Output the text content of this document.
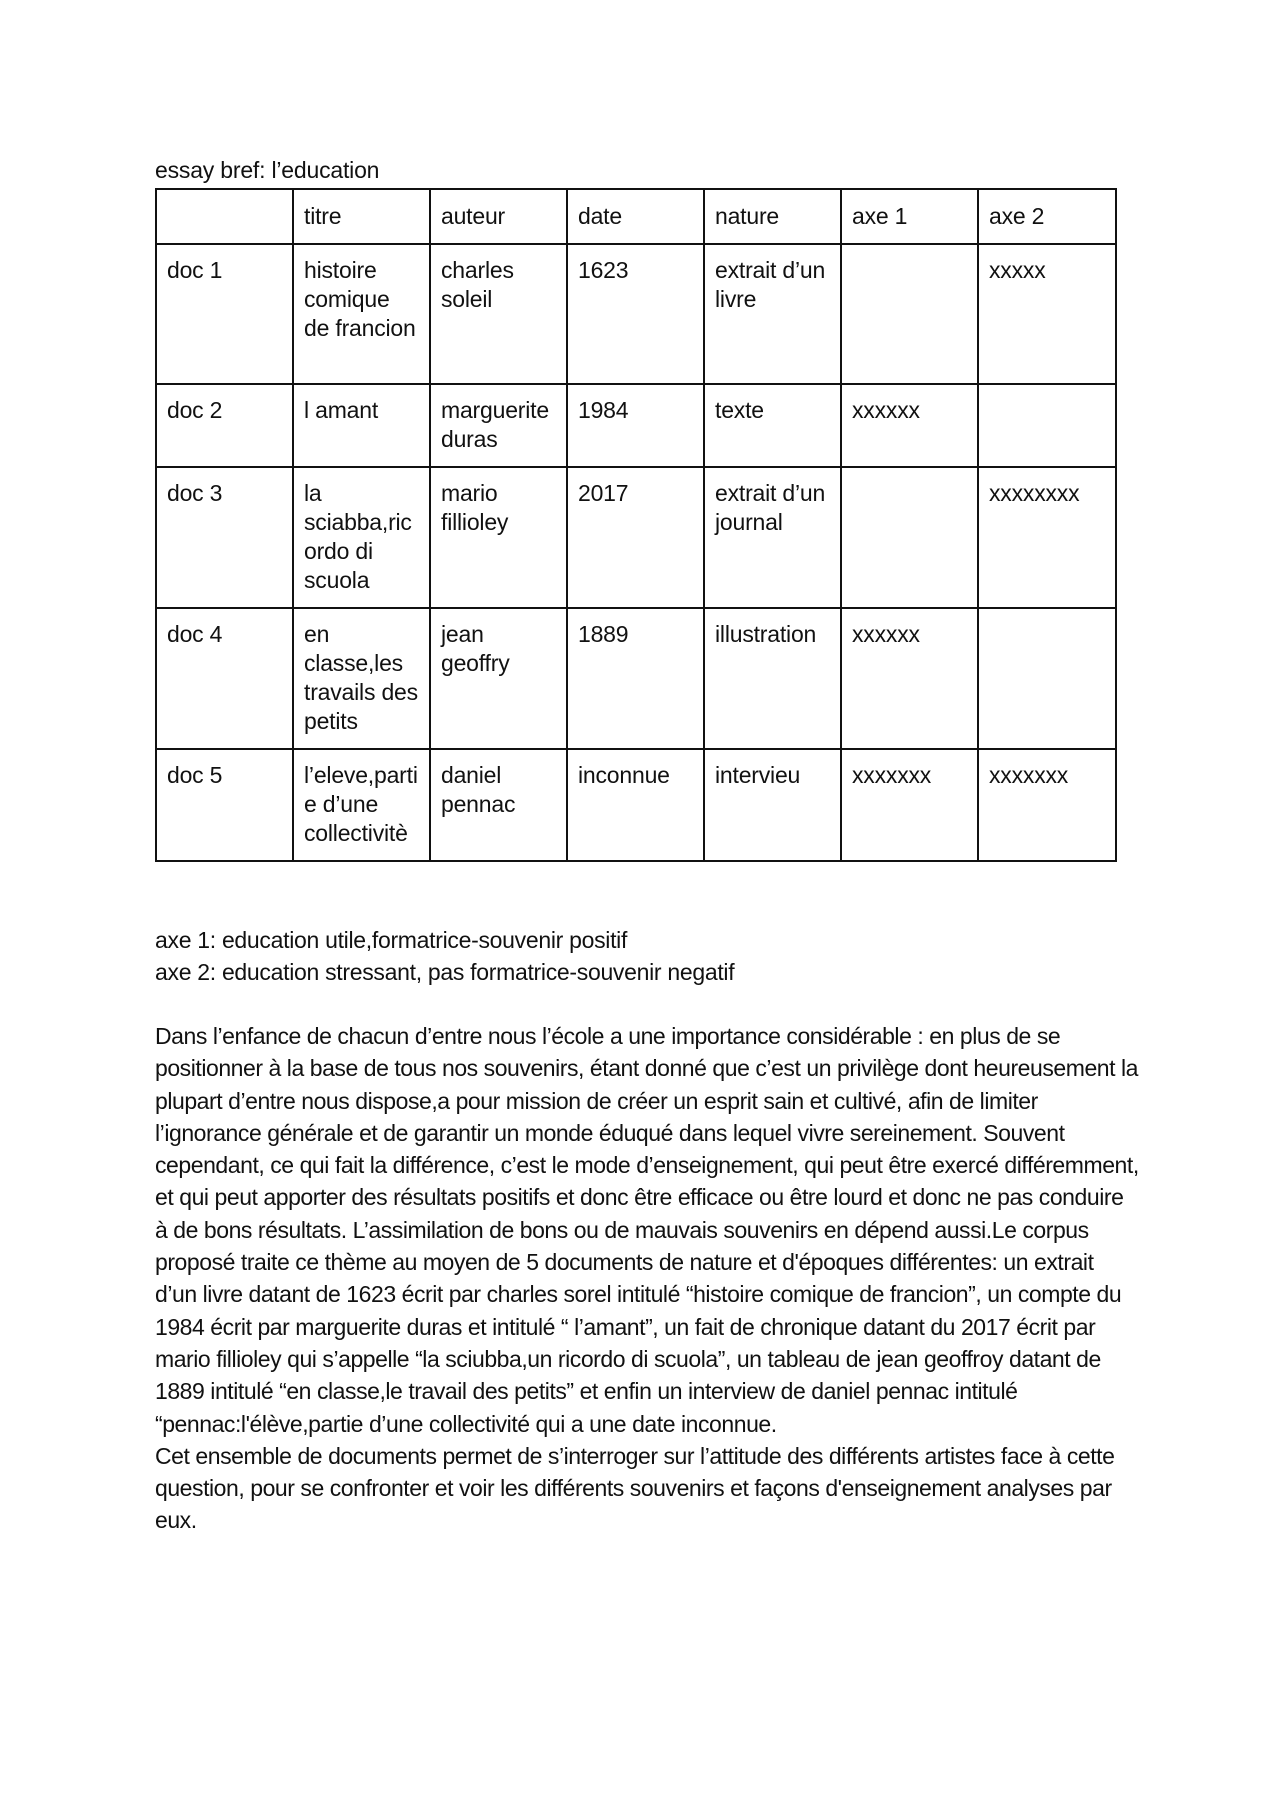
essay bref: l’education
	titre	auteur	date	nature	axe 1	axe 2
doc 1	histoire comique de francion	charles soleil	1623	extrait d’un livre		xxxxx
doc 2	l amant	marguerite duras	1984	texte	xxxxxx	
doc 3	la sciabba,ricordo di scuola	mario fillioley	2017	extrait d’un journal		xxxxxxxx
doc 4	en classe,les travails des petits	jean geoffry	1889	illustration	xxxxxx	
doc 5	l’eleve,partie d’une collectivitè	daniel pennac	inconnue	intervieu	xxxxxxx	xxxxxxx
axe 1: education utile,formatrice-souvenir positif
axe 2: education stressant, pas formatrice-souvenir negatif

Dans l’enfance de chacun d’entre nous l’école a une importance considérable : en plus de se positionner à la base de tous nos souvenirs, étant donné que c’est un privilège dont heureusement la plupart d’entre nous dispose,a pour mission de créer un esprit sain et cultivé, afin de limiter l’ignorance générale et de garantir un monde éduqué dans lequel vivre sereinement. Souvent cependant, ce qui fait la différence, c’est le mode d’enseignement, qui peut être exercé différemment, et qui peut apporter des résultats positifs et donc être efficace ou être lourd et donc ne pas conduire à de bons résultats. L’assimilation de bons ou de mauvais souvenirs en dépend aussi.Le corpus proposé traite ce thème au moyen de 5 documents de nature et d'époques différentes: un extrait d’un livre datant de 1623 écrit par charles sorel intitulé “histoire comique de francion”, un compte du 1984 écrit par marguerite duras et intitulé “ l’amant”, un fait de chronique datant du 2017 écrit par mario fillioley qui s’appelle “la sciubba,un ricordo di scuola”, un tableau de jean geoffroy datant de 1889 intitulé “en classe,le travail des petits” et enfin un interview de daniel pennac intitulé “pennac:l'élève,partie d’une collectivité qui a une date inconnue.

Cet ensemble de documents permet de s’interroger sur l’attitude des différents artistes face à cette question, pour se confronter et voir les différents souvenirs et façons d'enseignement analyses par eux.
